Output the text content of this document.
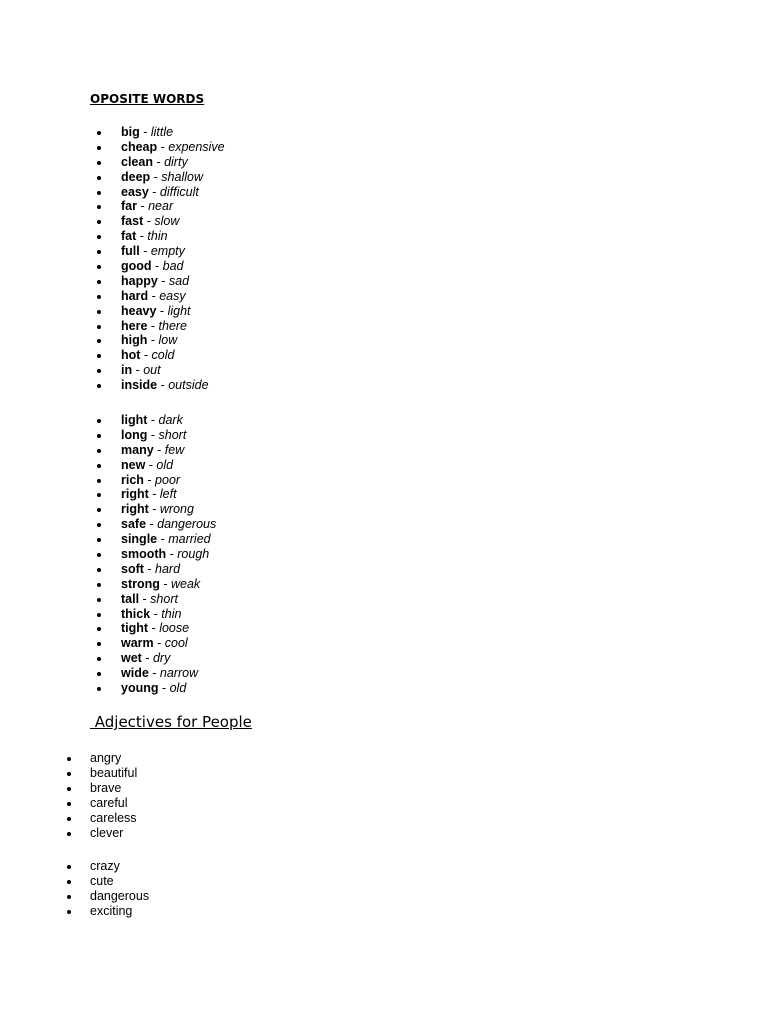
OPOSITE WORDS
big - little
cheap - expensive
clean - dirty
deep - shallow
easy - difficult
far - near
fast - slow
fat - thin
full - empty
good - bad
happy - sad
hard - easy
heavy - light
here - there
high - low
hot - cold
in - out
inside - outside
light - dark
long - short
many - few
new - old
rich - poor
right - left
right - wrong
safe - dangerous
single - married
smooth - rough
soft - hard
strong - weak
tall - short
thick - thin
tight - loose
warm - cool
wet - dry
wide - narrow
young - old
Adjectives for People
angry
beautiful
brave
careful
careless
clever
crazy
cute
dangerous
exciting
